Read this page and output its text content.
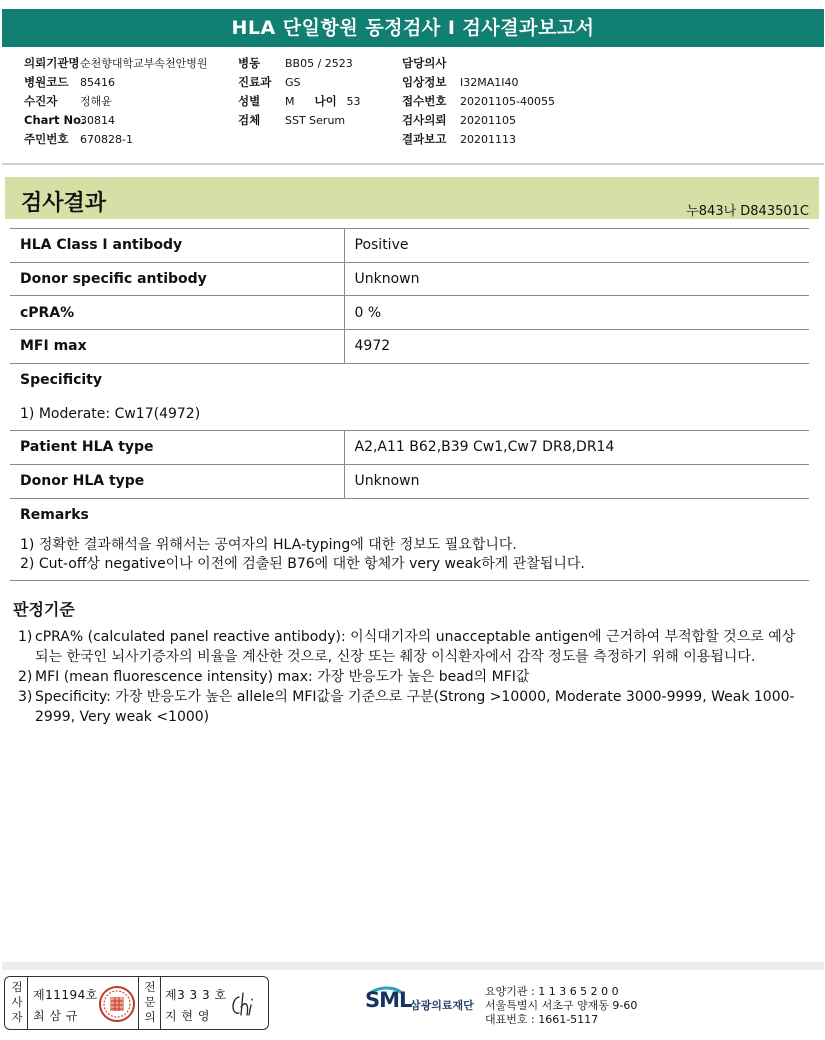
HLA 단일항원 동정검사 I 검사결과보고서
의뢰기관명순천향대학교부속천안병원
병원코드 85416
수진자 정해윤
Chart No.30814
주민번호 670828-1
병동 BB05 / 2523
진료과 GS
성별 M 나이 53
검체 SST Serum
담당의사
임상정보 I32MA1I40
접수번호 20201105-40055
검사의뢰 20201105
결과보고 20201113
검사결과	누843나 D843501C
HLA Class Ⅰ antibody	Positive
Donor specific antibody	Unknown
cPRA%	0 %
MFI max	4972
Specificity	
1) Moderate: Cw17(4972)	
Patient HLA type	A2,A11 B62,B39 Cw1,Cw7 DR8,DR14
Donor HLA type	Unknown
Remarks	

1) 정확한 결과해석을 위해서는 공여자의 HLA-typing에 대한 정보도 필요합니다.
2) Cut-off상 negative이나 이전에 검출된 B76에 대한 항체가 very weak하게 관찰됩니다.	
판정기준
1) cPRA% (calculated panel reactive antibody): 이식대기자의 unacceptable antigen에 근거하여 부적합할 것으로 예상되는 한국인 뇌사기증자의 비율을 계산한 것으로, 신장 또는 췌장 이식환자에서 감작 정도를 측정하기 위해 이용됩니다.
2) MFI (mean fluorescence intensity) max: 가장 반응도가 높은 bead의 MFI값
3) Specificity: 가장 반응도가 높은 allele의 MFI값을 기준으로 구분(Strong >10000, Moderate 3000-9999, Weak 1000-2999, Very weak <1000)
검
사
자
제11194호
최 삼 규
전
문
의
제3 3 3 호
지 현 영
SML
삼광의료재단
요양기관 : 1 1 3 6 5 2 0 0
서울특별시 서초구 양재동 9-60
대표번호 : 1661-5117
